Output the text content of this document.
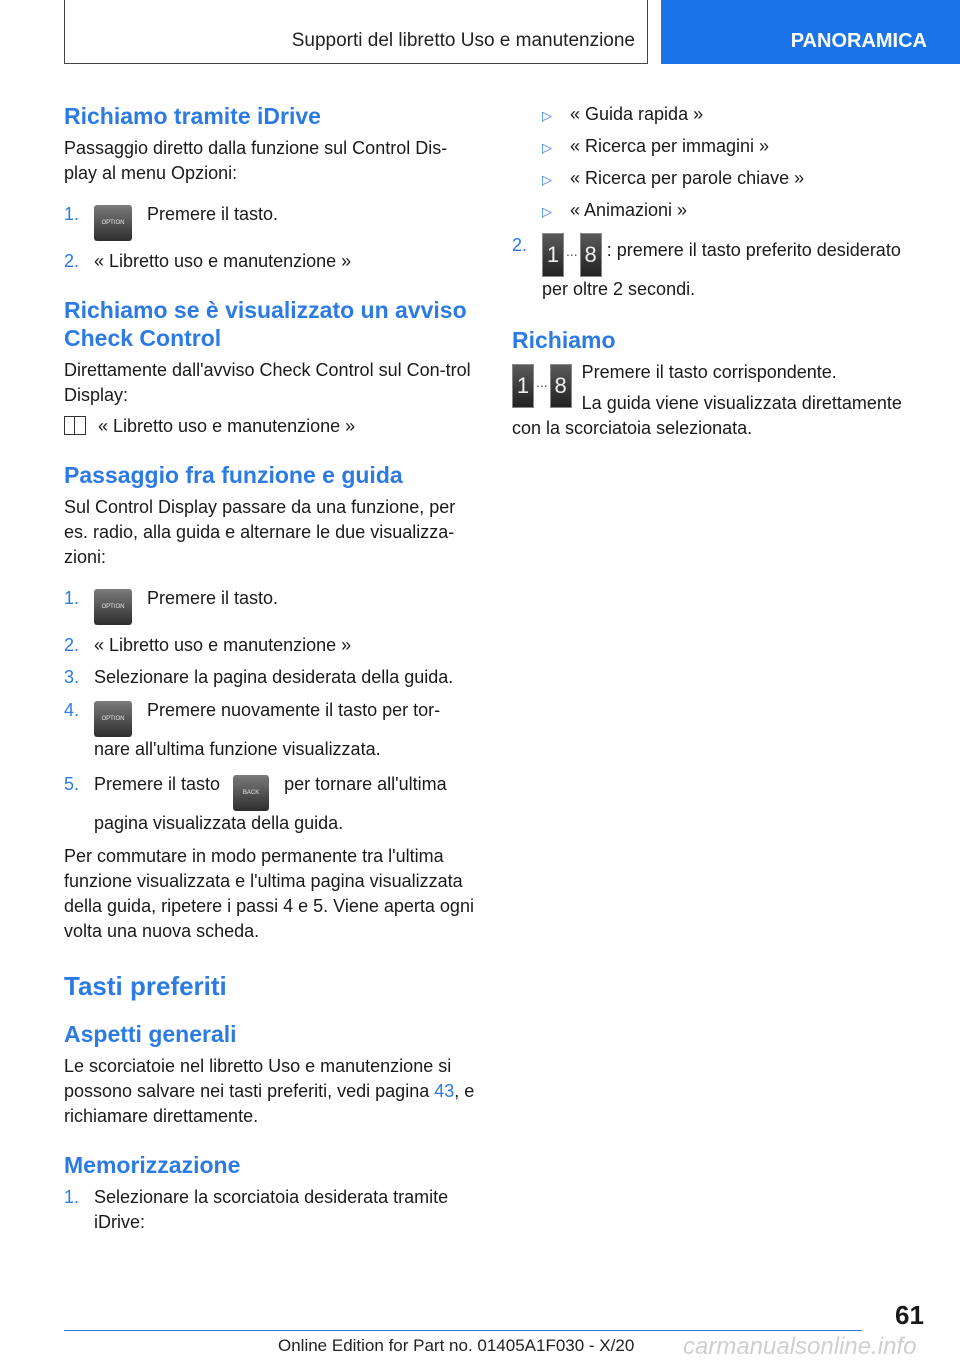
Supporti del libretto Uso e manutenzione	PANORAMICA
Richiamo tramite iDrive

Passaggio diretto dalla funzione sul Control Dis-play al menu Opzioni:

1.	OPTION Premere il tasto.
2. « Libretto uso e manutenzione »
Richiamo se è visualizzato un avviso Check Control

Direttamente dall'avviso Check Control sul Con-trol Display:

« Libretto uso e manutenzione »

Passaggio fra funzione e guida

Sul Control Display passare da una funzione, per es. radio, alla guida e alternare le due visualizza-zioni:

1.	OPTION Premere il tasto.
2. « Libretto uso e manutenzione »
3. Selezionare la pagina desiderata della guida.
4.	OPTION Premere nuovamente il tasto per tor-nare all'ultima funzione visualizzata.
5. Premere il tasto	BACK per tornare all'ultima pagina visualizzata della guida.

Per commutare in modo permanente tra l'ultima funzione visualizzata e l'ultima pagina visualizzata della guida, ripetere i passi 4 e 5. Viene aperta ogni volta una nuova scheda.

Tasti preferiti
Aspetti generali

Le scorciatoie nel libretto Uso e manutenzione si possono salvare nei tasti preferiti, vedi pagina 43, e richiamare direttamente.

Memorizzazione
1. Selezionare la scorciatoia desiderata tramite iDrive:
▷ « Guida rapida »
▷ « Ricerca per immagini »
▷ « Ricerca per parole chiave »
▷ « Animazioni »
2. 1 ... 8 : premere il tasto preferito desiderato per oltre 2 secondi.
Richiamo
1 ... 8

Premere il tasto corrispondente.

La guida viene visualizzata direttamente con la scorciatoia selezionata.

61
Online Edition for Part no. 01405A1F030 - X/20 carmanualsonline.info
